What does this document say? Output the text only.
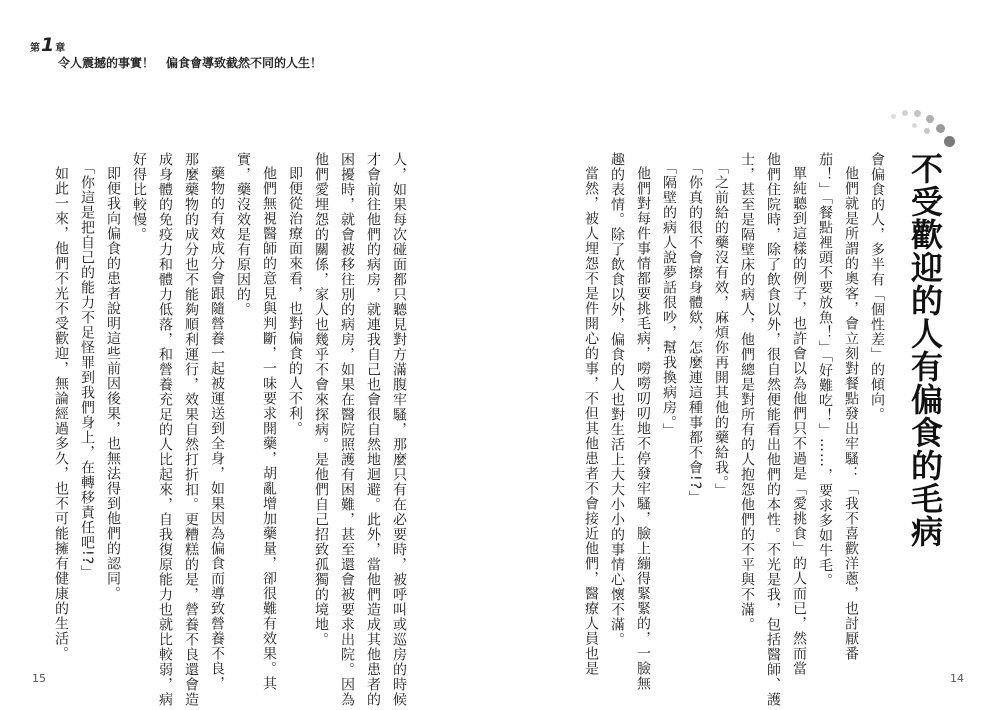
第1章
令人震撼的事實！ 偏食會導致截然不同的人生！
不受歡迎的人有偏食的毛病
會偏食的人，多半有「個性差」的傾向。
他們就是所謂的奧客，會立刻對餐點發出牢騷：「我不喜歡洋蔥，也討厭番
茄！」「餐點裡頭不要放魚！」「好難吃！」……，要求多如牛毛。
單純聽到這樣的例子，也許會以為他們只不過是「愛挑食」的人而已，然而當
他們住院時，除了飲食以外，很自然便能看出他們的本性。不光是我，包括醫師、護
士，甚至是隔壁床的病人，他們總是對所有的人抱怨他們的不平與不滿。
「之前給的藥沒有效，麻煩你再開其他的藥給我。」
「你真的很不會擦身體欸，怎麼連這種事都不會!?」
「隔壁的病人說夢話很吵，幫我換病房。」
他們對每件事情都要挑毛病，嘮嘮叨叨地不停發牢騷，臉上繃得緊緊的，一臉無
趣的表情。除了飲食以外，偏食的人也對生活上大大小小的事情心懷不滿。
當然，被人埋怨不是件開心的事，不但其他患者不會接近他們，醫療人員也是
人，如果每次碰面都只聽見對方滿腹牢騷，那麼只有在必要時，被呼叫或巡房的時候
才會前往他們的病房，就連我自己也會很自然地迴避。此外，當他們造成其他患者的
困擾時，就會被移往別的病房，如果在醫院照護有困難，甚至還會被要求出院。因為
他們愛埋怨的關係，家人也幾乎不會來探病。是他們自己招致孤獨的境地。
即便從治療面來看，也對偏食的人不利。
他們無視醫師的意見與判斷，一味要求開藥，胡亂增加藥量，卻很難有效果。其
實，藥沒效是有原因的。
藥物的有效成分會跟隨營養一起被運送到全身，如果因為偏食而導致營養不良，
那麼藥物的成分也不能夠順利運行，效果自然打折扣。更糟糕的是，營養不良還會造
成身體的免疫力和體力低落，和營養充足的人比起來，自我復原能力也就比較弱，病
好得比較慢。
即便我向偏食的患者說明這些前因後果，也無法得到他們的認同。
「你這是把自己的能力不足怪罪到我們身上，在轉移責任吧!?」
如此一來，他們不光不受歡迎，無論經過多久，也不可能擁有健康的生活。
15	14
